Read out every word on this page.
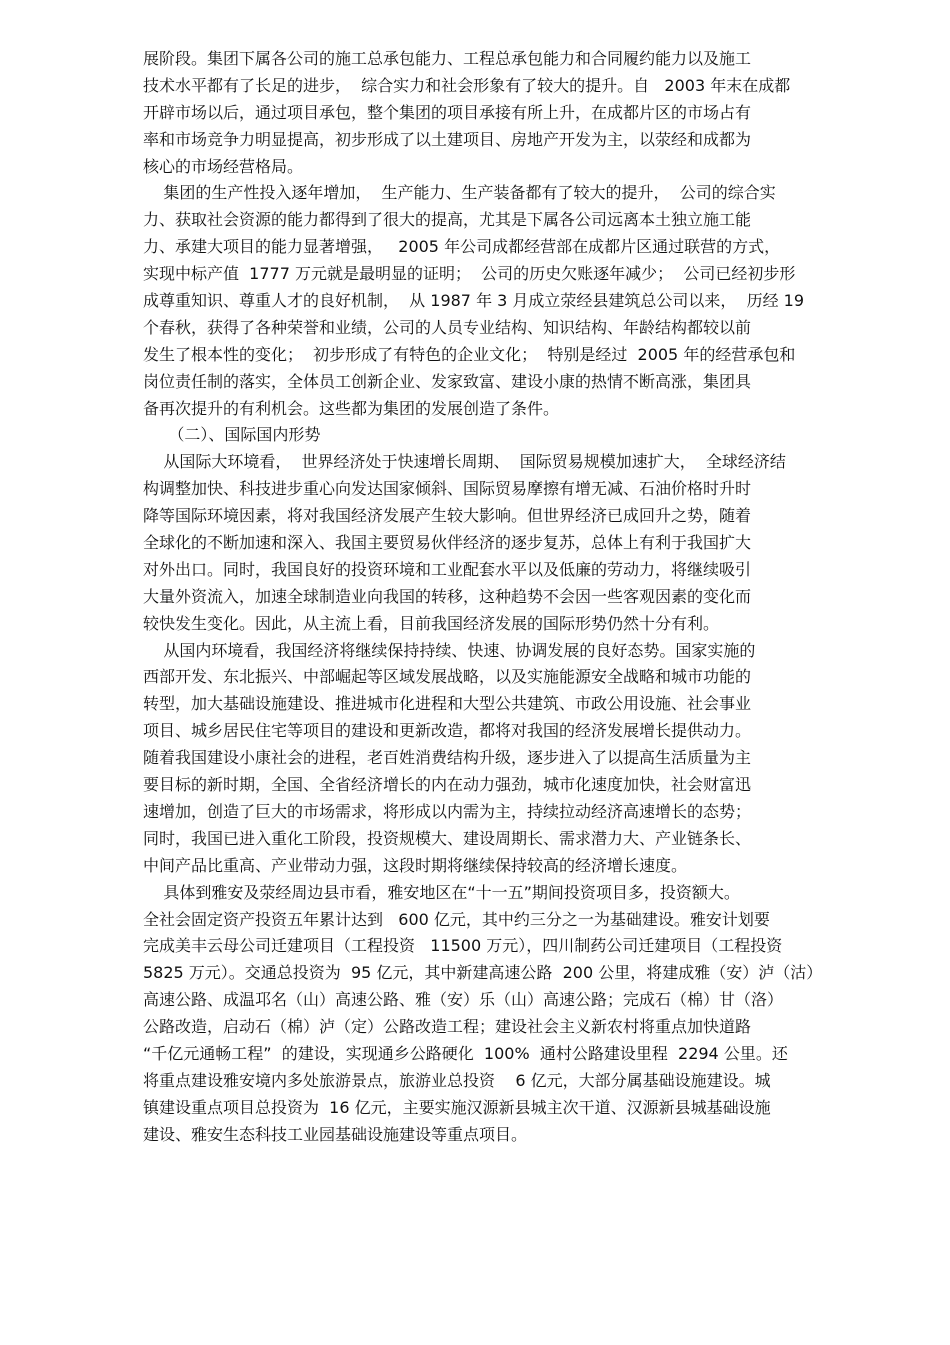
展阶段。集团下属各公司的施工总承包能力、工程总承包能力和合同履约能力以及施工
技术水平都有了长足的进步，  综合实力和社会形象有了较大的提升。自   2003 年末在成都
开辟市场以后，通过项目承包，整个集团的项目承接有所上升，在成都片区的市场占有
率和市场竞争力明显提高，初步形成了以土建项目、房地产开发为主，以荥经和成都为
核心的市场经营格局。
集团的生产性投入逐年增加，  生产能力、生产装备都有了较大的提升，  公司的综合实
力、获取社会资源的能力都得到了很大的提高，尤其是下属各公司远离本土独立施工能
力、承建大项目的能力显著增强，   2005 年公司成都经营部在成都片区通过联营的方式，
实现中标产值  1777 万元就是最明显的证明；  公司的历史欠账逐年减少；  公司已经初步形
成尊重知识、尊重人才的良好机制，  从 1987 年 3 月成立荥经县建筑总公司以来，  历经 19
个春秋，获得了各种荣誉和业绩，公司的人员专业结构、知识结构、年龄结构都较以前
发生了根本性的变化；  初步形成了有特色的企业文化；  特别是经过  2005 年的经营承包和
岗位责任制的落实，全体员工创新企业、发家致富、建设小康的热情不断高涨，集团具
备再次提升的有利机会。这些都为集团的发展创造了条件。
（二）、国际国内形势
从国际大环境看，  世界经济处于快速增长周期、  国际贸易规模加速扩大，  全球经济结
构调整加快、科技进步重心向发达国家倾斜、国际贸易摩擦有增无减、石油价格时升时
降等国际环境因素，将对我国经济发展产生较大影响。但世界经济已成回升之势，随着
全球化的不断加速和深入、我国主要贸易伙伴经济的逐步复苏，总体上有利于我国扩大
对外出口。同时，我国良好的投资环境和工业配套水平以及低廉的劳动力，将继续吸引
大量外资流入，加速全球制造业向我国的转移，这种趋势不会因一些客观因素的变化而
较快发生变化。因此，从主流上看，目前我国经济发展的国际形势仍然十分有利。
从国内环境看，我国经济将继续保持持续、快速、协调发展的良好态势。国家实施的
西部开发、东北振兴、中部崛起等区域发展战略，以及实施能源安全战略和城市功能的
转型，加大基础设施建设、推进城市化进程和大型公共建筑、市政公用设施、社会事业
项目、城乡居民住宅等项目的建设和更新改造，都将对我国的经济发展增长提供动力。
随着我国建设小康社会的进程，老百姓消费结构升级，逐步进入了以提高生活质量为主
要目标的新时期，全国、全省经济增长的内在动力强劲，城市化速度加快，社会财富迅
速增加，创造了巨大的市场需求，将形成以内需为主，持续拉动经济高速增长的态势；
同时，我国已进入重化工阶段，投资规模大、建设周期长、需求潜力大、产业链条长、
中间产品比重高、产业带动力强，这段时期将继续保持较高的经济增长速度。
具体到雅安及荥经周边县市看，雅安地区在“十一五”期间投资项目多，投资额大。
全社会固定资产投资五年累计达到   600 亿元，其中约三分之一为基础建设。雅安计划要
完成美丰云母公司迁建项目（工程投资   11500 万元），四川制药公司迁建项目（工程投资
5825 万元）。交通总投资为  95 亿元，其中新建高速公路  200 公里，将建成雅（安）泸（沽）
高速公路、成温邛名（山）高速公路、雅（安）乐（山）高速公路；完成石（棉）甘（洛）
公路改造，启动石（棉）泸（定）公路改造工程；建设社会主义新农村将重点加快道路
“千亿元通畅工程”  的建设，实现通乡公路硬化  100%  通村公路建设里程  2294 公里。还
将重点建设雅安境内多处旅游景点，旅游业总投资    6 亿元，大部分属基础设施建设。城
镇建设重点项目总投资为  16 亿元，主要实施汉源新县城主次干道、汉源新县城基础设施
建设、雅安生态科技工业园基础设施建设等重点项目。
